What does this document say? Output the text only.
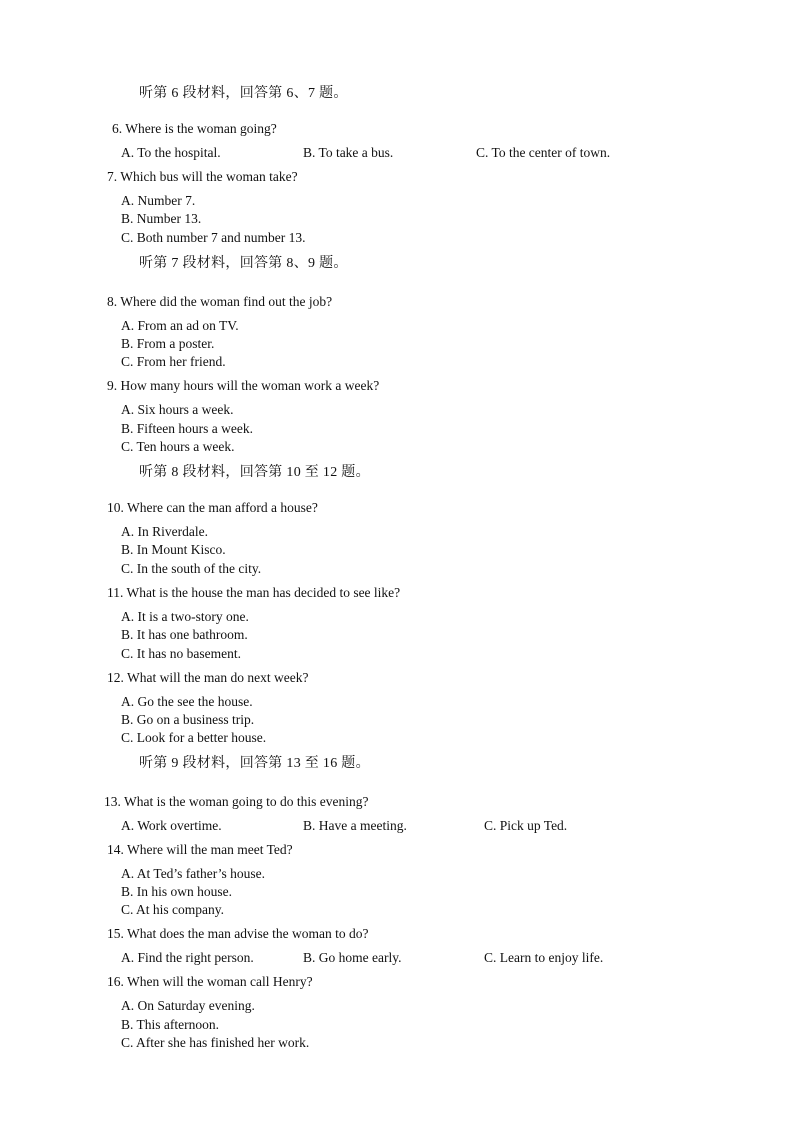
听第 6 段材料，回答第 6、7 题。
6. Where is the woman going?
A. To the hospital.	B. To take a bus.	C. To the center of town.
7. Which bus will the woman take?
A. Number 7.
B. Number 13.
C. Both number 7 and number 13.
听第 7 段材料，回答第 8、9 题。
8. Where did the woman find out the job?
A. From an ad on TV.
B. From a poster.
C. From her friend.
9. How many hours will the woman work a week?
A. Six hours a week.
B. Fifteen hours a week.
C. Ten hours a week.
听第 8 段材料，回答第 10 至 12 题。
10. Where can the man afford a house?
A. In Riverdale.
B. In Mount Kisco.
C. In the south of the city.
11. What is the house the man has decided to see like?
A. It is a two-story one.
B. It has one bathroom.
C. It has no basement.
12. What will the man do next week?
A. Go the see the house.
B. Go on a business trip.
C. Look for a better house.
听第 9 段材料，回答第 13 至 16 题。
13. What is the woman going to do this evening?
A. Work overtime.	B. Have a meeting.	C. Pick up Ted.
14. Where will the man meet Ted?
A. At Ted’s father’s house.
B. In his own house.
C. At his company.
15. What does the man advise the woman to do?
A. Find the right person.	B. Go home early.	C. Learn to enjoy life.
16. When will the woman call Henry?
A. On Saturday evening.
B. This afternoon.
C. After she has finished her work.
